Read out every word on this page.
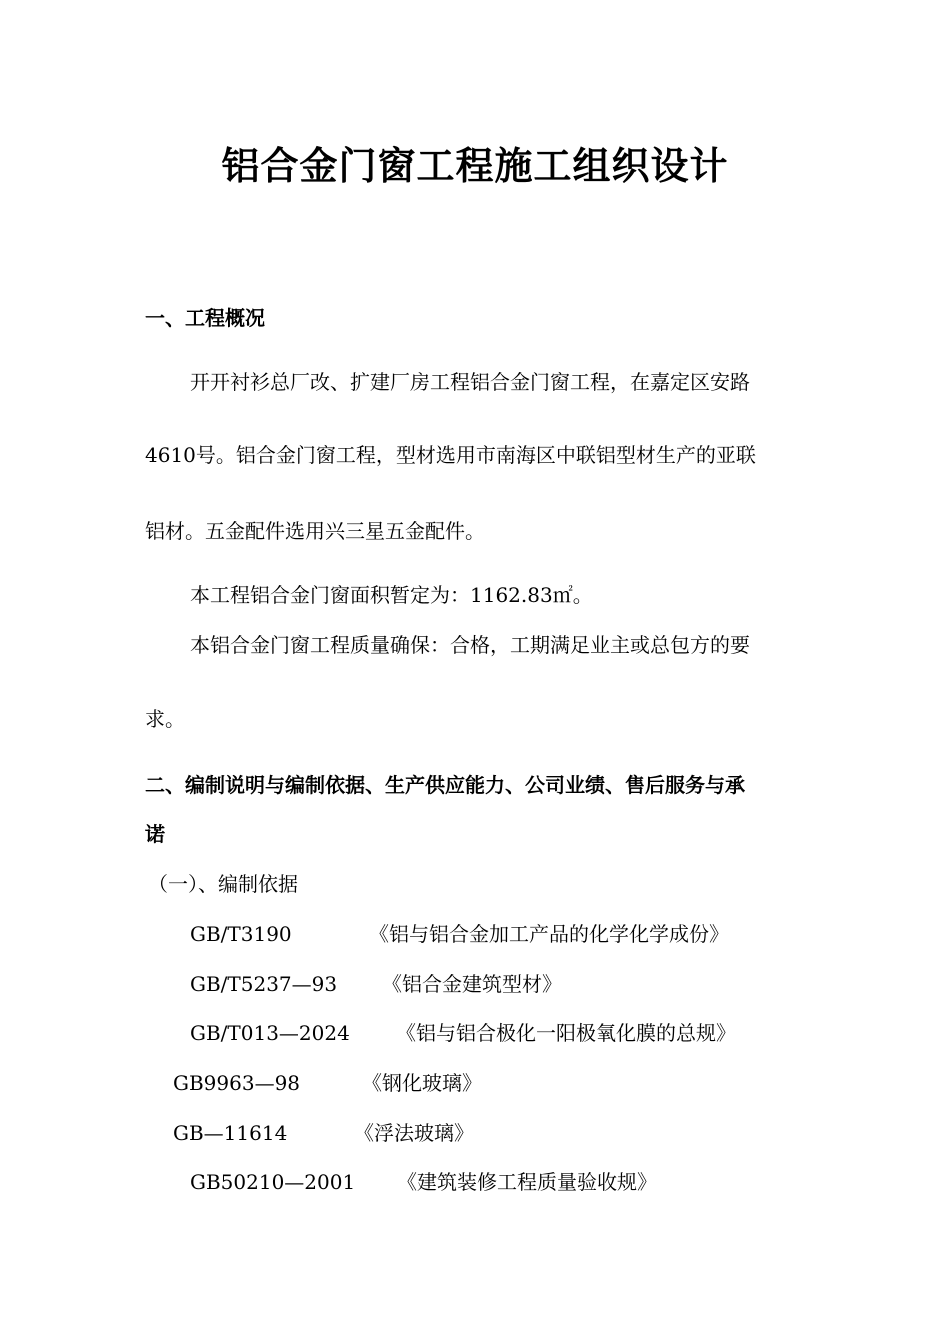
铝合金门窗工程施工组织设计

一、工程概况

开开衬衫总厂改、扩建厂房工程铝合金门窗工程，在嘉定区安路

4610号。铝合金门窗工程，型材选用市南海区中联铝型材生产的亚联

铝材。五金配件选用兴三星五金配件。

本工程铝合金门窗面积暂定为：1162.83㎡。

本铝合金门窗工程质量确保：合格，工期满足业主或总包方的要

求。

二、编制说明与编制依据、生产供应能力、公司业绩、售后服务与承

诺

（一）、编制依据

GB/T3190	《铝与铝合金加工产品的化学化学成份》

GB/T5237—93 《铝合金建筑型材》

GB/T013—2024 《铝与铝合极化一阳极氧化膜的总规》

GB9963—98	《钢化玻璃》

GB—11614	《浮法玻璃》

GB50210—2001 《建筑装修工程质量验收规》
